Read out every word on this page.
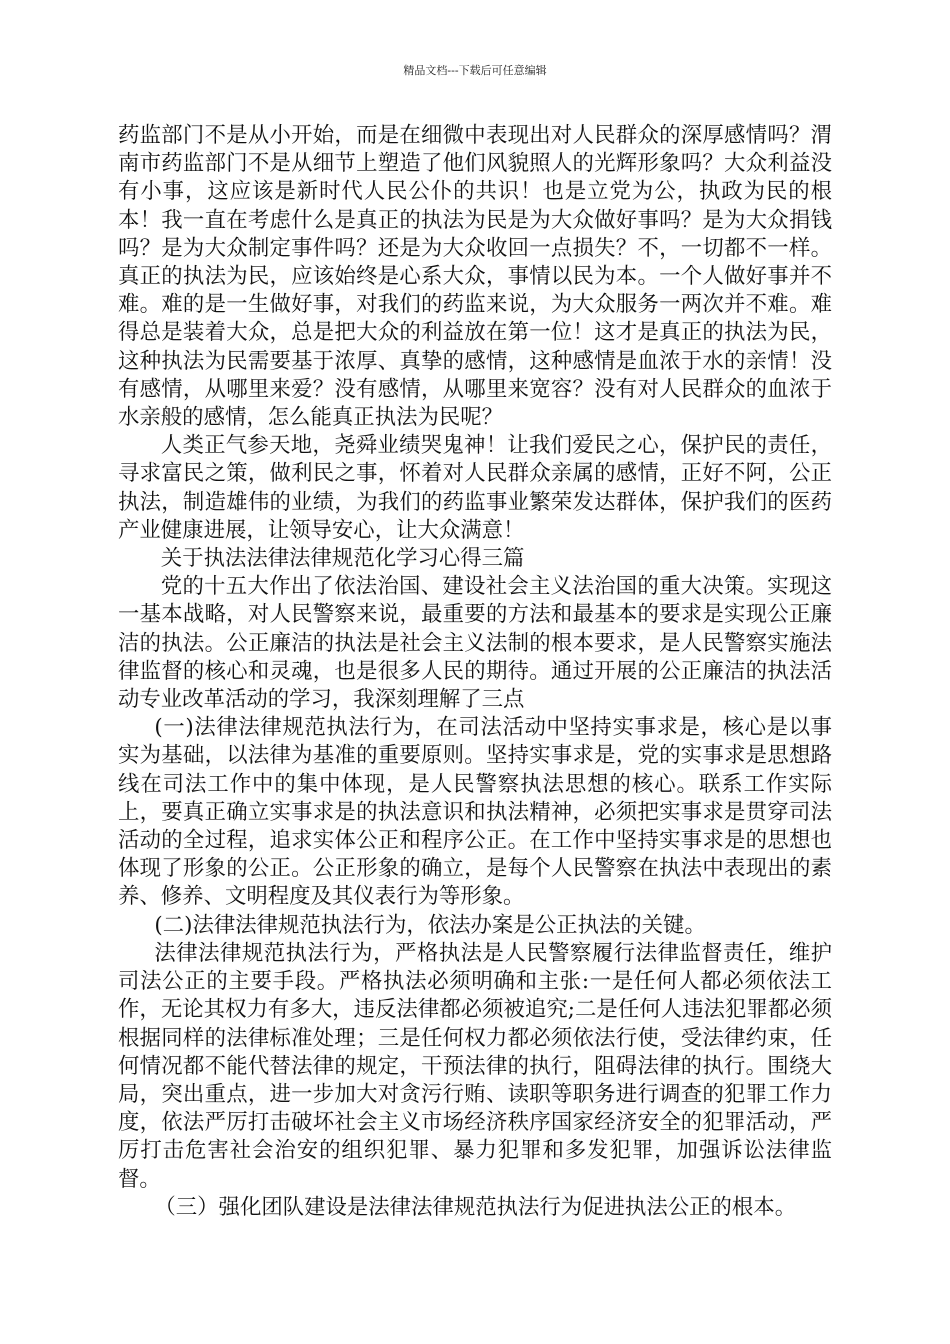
精品文档---下载后可任意编辑

药监部门不是从小开始，而是在细微中表现出对人民群众的深厚感情吗？渭南市药监部门不是从细节上塑造了他们风貌照人的光辉形象吗？大众利益没有小事，这应该是新时代人民公仆的共识！也是立党为公，执政为民的根本！我一直在考虑什么是真正的执法为民是为大众做好事吗？是为大众捐钱吗？是为大众制定事件吗？还是为大众收回一点损失？不，一切都不一样。真正的执法为民，应该始终是心系大众，事情以民为本。一个人做好事并不难。难的是一生做好事，对我们的药监来说，为大众服务一两次并不难。难得总是装着大众，总是把大众的利益放在第一位！这才是真正的执法为民，这种执法为民需要基于浓厚、真挚的感情，这种感情是血浓于水的亲情！没有感情，从哪里来爱？没有感情，从哪里来宽容？没有对人民群众的血浓于水亲般的感情，怎么能真正执法为民呢？

人类正气参天地，尧舜业绩哭鬼神！让我们爱民之心，保护民的责任，寻求富民之策，做利民之事，怀着对人民群众亲属的感情，正好不阿，公正执法，制造雄伟的业绩，为我们的药监事业繁荣发达群体，保护我们的医药产业健康进展，让领导安心，让大众满意！

关于执法法律法律规范化学习心得三篇

党的十五大作出了依法治国、建设社会主义法治国的重大决策。实现这一基本战略，对人民警察来说，最重要的方法和最基本的要求是实现公正廉洁的执法。公正廉洁的执法是社会主义法制的根本要求，是人民警察实施法律监督的核心和灵魂，也是很多人民的期待。通过开展的公正廉洁的执法活动专业改革活动的学习，我深刻理解了三点

(一)法律法律规范执法行为，在司法活动中坚持实事求是，核心是以事实为基础，以法律为基准的重要原则。坚持实事求是，党的实事求是思想路线在司法工作中的集中体现，是人民警察执法思想的核心。联系工作实际上，要真正确立实事求是的执法意识和执法精神，必须把实事求是贯穿司法活动的全过程，追求实体公正和程序公正。在工作中坚持实事求是的思想也体现了形象的公正。公正形象的确立，是每个人民警察在执法中表现出的素养、修养、文明程度及其仪表行为等形象。

(二)法律法律规范执法行为，依法办案是公正执法的关键。

法律法律规范执法行为，严格执法是人民警察履行法律监督责任，维护司法公正的主要手段。严格执法必须明确和主张:一是任何人都必须依法工作，无论其权力有多大，违反法律都必须被追究;二是任何人违法犯罪都必须根据同样的法律标准处理；三是任何权力都必须依法行使，受法律约束，任何情况都不能代替法律的规定，干预法律的执行，阻碍法律的执行。围绕大局，突出重点，进一步加大对贪污行贿、读职等职务进行调查的犯罪工作力度，依法严厉打击破坏社会主义市场经济秩序国家经济安全的犯罪活动，严厉打击危害社会治安的组织犯罪、暴力犯罪和多发犯罪，加强诉讼法律监督。

（三）强化团队建设是法律法律规范执法行为促进执法公正的根本。
